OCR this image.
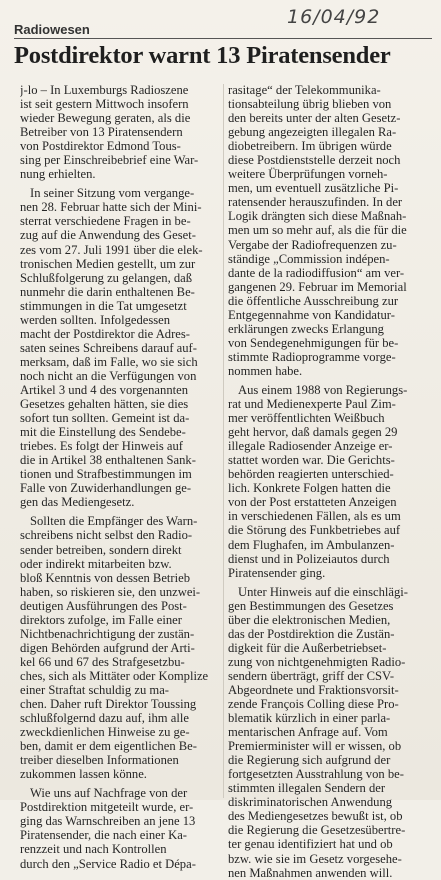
16/04/92
Radiowesen
Postdirektor warnt 13 Piratensender
j-lo – In Luxemburgs Radioszene
ist seit gestern Mittwoch insofern
wieder Bewegung geraten, als die
Betreiber von 13 Piratensendern
von Postdirektor Edmond Tous-
sing per Einschreibebrief eine War-
nung erhielten.
In seiner Sitzung vom vergange-
nen 28. Februar hatte sich der Mini-
sterrat verschiedene Fragen in be-
zug auf die Anwendung des Geset-
zes vom 27. Juli 1991 über die elek-
tronischen Medien gestellt, um zur
Schlußfolgerung zu gelangen, daß
nunmehr die darin enthaltenen Be-
stimmungen in die Tat umgesetzt
werden sollten. Infolgedessen
macht der Postdirektor die Adres-
saten seines Schreibens darauf auf-
merksam, daß im Falle, wo sie sich
noch nicht an die Verfügungen von
Artikel 3 und 4 des vorgenannten
Gesetzes gehalten hätten, sie dies
sofort tun sollten. Gemeint ist da-
mit die Einstellung des Sendebe-
triebes. Es folgt der Hinweis auf
die in Artikel 38 enthaltenen Sank-
tionen und Strafbestimmungen im
Falle von Zuwiderhandlungen ge-
gen das Mediengesetz.
Sollten die Empfänger des Warn-
schreibens nicht selbst den Radio-
sender betreiben, sondern direkt
oder indirekt mitarbeiten bzw.
bloß Kenntnis von dessen Betrieb
haben, so riskieren sie, den unzwei-
deutigen Ausführungen des Post-
direktors zufolge, im Falle einer
Nichtbenachrichtigung der zustän-
digen Behörden aufgrund der Arti-
kel 66 und 67 des Strafgesetzbu-
ches, sich als Mittäter oder Komplize
einer Straftat schuldig zu ma-
chen. Daher ruft Direktor Toussing
schlußfolgernd dazu auf, ihm alle
zweckdienlichen Hinweise zu ge-
ben, damit er dem eigentlichen Be-
treiber dieselben Informationen
zukommen lassen könne.
Wie uns auf Nachfrage von der
Postdirektion mitgeteilt wurde, er-
ging das Warnschreiben an jene 13
Piratensender, die nach einer Ka-
renzzeit und nach Kontrollen
durch den „Service Radio et Dépa-
rasitage“ der Telekommunika-
tionsabteilung übrig blieben von
den bereits unter der alten Gesetz-
gebung angezeigten illegalen Ra-
diobetreibern. Im übrigen würde
diese Postdienststelle derzeit noch
weitere Überprüfungen vorneh-
men, um eventuell zusätzliche Pi-
ratensender herauszufinden. In der
Logik drängten sich diese Maßnah-
men um so mehr auf, als die für die
Vergabe der Radiofrequenzen zu-
ständige „Commission indépen-
dante de la radiodiffusion“ am ver-
gangenen 29. Februar im Memorial
die öffentliche Ausschreibung zur
Entgegennahme von Kandidatur-
erklärungen zwecks Erlangung
von Sendegenehmigungen für be-
stimmte Radioprogramme vorge-
nommen habe.
Aus einem 1988 von Regierungs-
rat und Medienexperte Paul Zim-
mer veröffentlichten Weißbuch
geht hervor, daß damals gegen 29
illegale Radiosender Anzeige er-
stattet worden war. Die Gerichts-
behörden reagierten unterschied-
lich. Konkrete Folgen hatten die
von der Post erstatteten Anzeigen
in verschiedenen Fällen, als es um
die Störung des Funkbetriebes auf
dem Flughafen, im Ambulanzen-
dienst und in Polizeiautos durch
Piratensender ging.
Unter Hinweis auf die einschlägi-
gen Bestimmungen des Gesetzes
über die elektronischen Medien,
das der Postdirektion die Zustän-
digkeit für die Außerbetriebset-
zung von nichtgenehmigten Radio-
sendern überträgt, griff der CSV-
Abgeordnete und Fraktionsvorsit-
zende François Colling diese Pro-
blematik kürzlich in einer parla-
mentarischen Anfrage auf. Vom
Premierminister will er wissen, ob
die Regierung sich aufgrund der
fortgesetzten Ausstrahlung von be-
stimmten illegalen Sendern der
diskriminatorischen Anwendung
des Mediengesetzes bewußt ist, ob
die Regierung die Gesetzesübertre-
ter genau identifiziert hat und ob
bzw. wie sie im Gesetz vorgesehe-
nen Maßnahmen anwenden will.
